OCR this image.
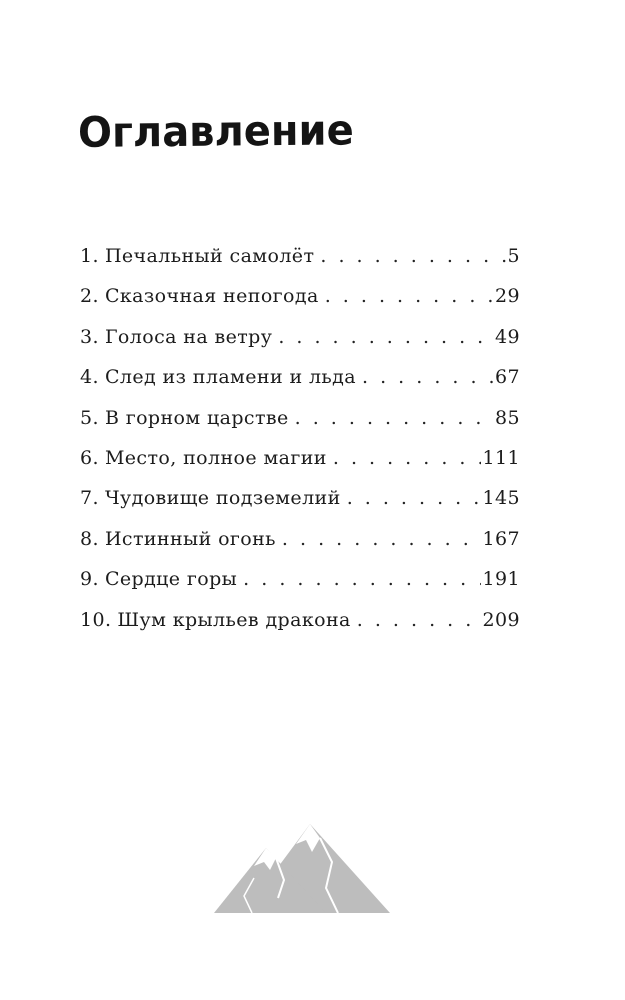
Оглавление
1. Печальный самолёт . . .	5
2. Сказочная непогода . . .	29
3. Голоса на ветру . . .	49
4. След из пламени и льда . . .	67
5. В горном царстве . . .	85
6. Место, полное магии . . .	111
7. Чудовище подземелий . . .	145
8. Истинный огонь . . .	167
9. Сердце горы . . .	191
10. Шум крыльев дракона . . .	209
